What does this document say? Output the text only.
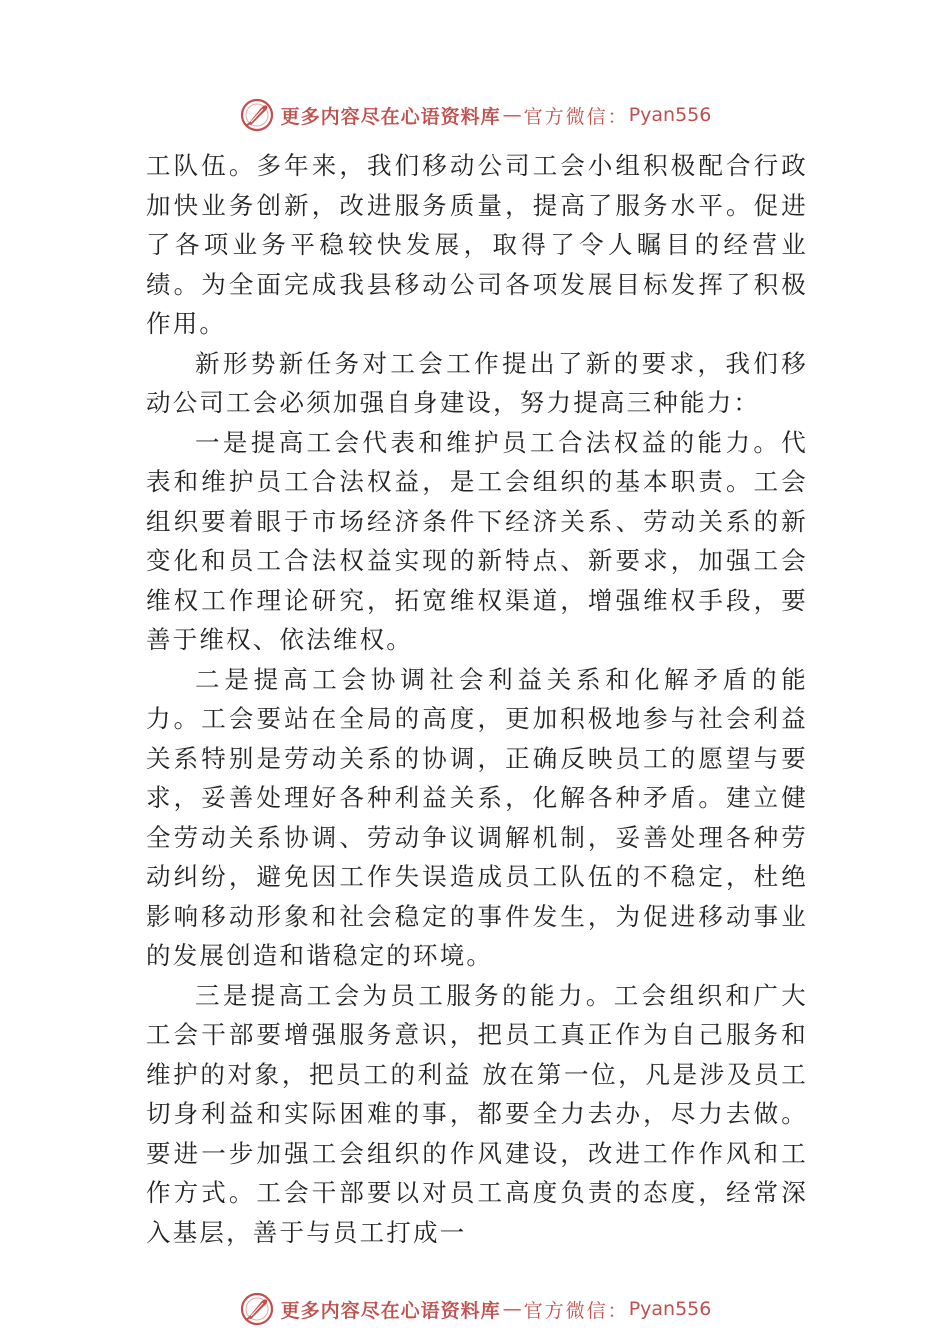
更多内容尽在心语资料库 — 官方微信： Pyan556

工队伍。多年来，我们移动公司工会小组积极配合行政加快业务创新，改进服务质量，提高了服务水平。促进了各项业务平稳较快发展，取得了令人瞩目的经营业绩。为全面完成我县移动公司各项发展目标发挥了积极作用。

新形势新任务对工会工作提出了新的要求，我们移动公司工会必须加强自身建设，努力提高三种能力：

一是提高工会代表和维护员工合法权益的能力。代表和维护员工合法权益，是工会组织的基本职责。工会组织要着眼于市场经济条件下经济关系、劳动关系的新变化和员工合法权益实现的新特点、新要求，加强工会维权工作理论研究，拓宽维权渠道，增强维权手段，要善于维权、依法维权。

二是提高工会协调社会利益关系和化解矛盾的能力。工会要站在全局的高度，更加积极地参与社会利益关系特别是劳动关系的协调，正确反映员工的愿望与要求，妥善处理好各种利益关系，化解各种矛盾。建立健全劳动关系协调、劳动争议调解机制，妥善处理各种劳动纠纷，避免因工作失误造成员工队伍的不稳定，杜绝影响移动形象和社会稳定的事件发生，为促进移动事业的发展创造和谐稳定的环境。

三是提高工会为员工服务的能力。工会组织和广大工会干部要增强服务意识，把员工真正作为自己服务和维护的对象，把员工的利益 放在第一位，凡是涉及员工切身利益和实际困难的事，都要全力去办，尽力去做。要进一步加强工会组织的作风建设，改进工作作风和工作方式。工会干部要以对员工高度负责的态度，经常深入基层，善于与员工打成一

更多内容尽在心语资料库 — 官方微信： Pyan556
